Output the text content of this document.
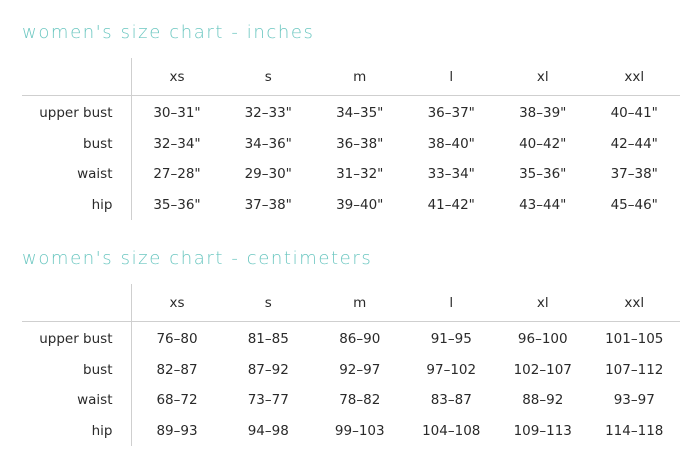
women's size chart - inches
	xs	s	m	l	xl	xxl
upper bust	30–31"	32–33"	34–35"	36–37"	38–39"	40–41"
bust	32–34"	34–36"	36–38"	38–40"	40–42"	42–44"
waist	27–28"	29–30"	31–32"	33–34"	35–36"	37–38"
hip	35–36"	37–38"	39–40"	41–42"	43–44"	45–46"
women's size chart - centimeters
	xs	s	m	l	xl	xxl
upper bust	76–80	81–85	86–90	91–95	96–100	101–105
bust	82–87	87–92	92–97	97–102	102–107	107–112
waist	68–72	73–77	78–82	83–87	88–92	93–97
hip	89–93	94–98	99–103	104–108	109–113	114–118
